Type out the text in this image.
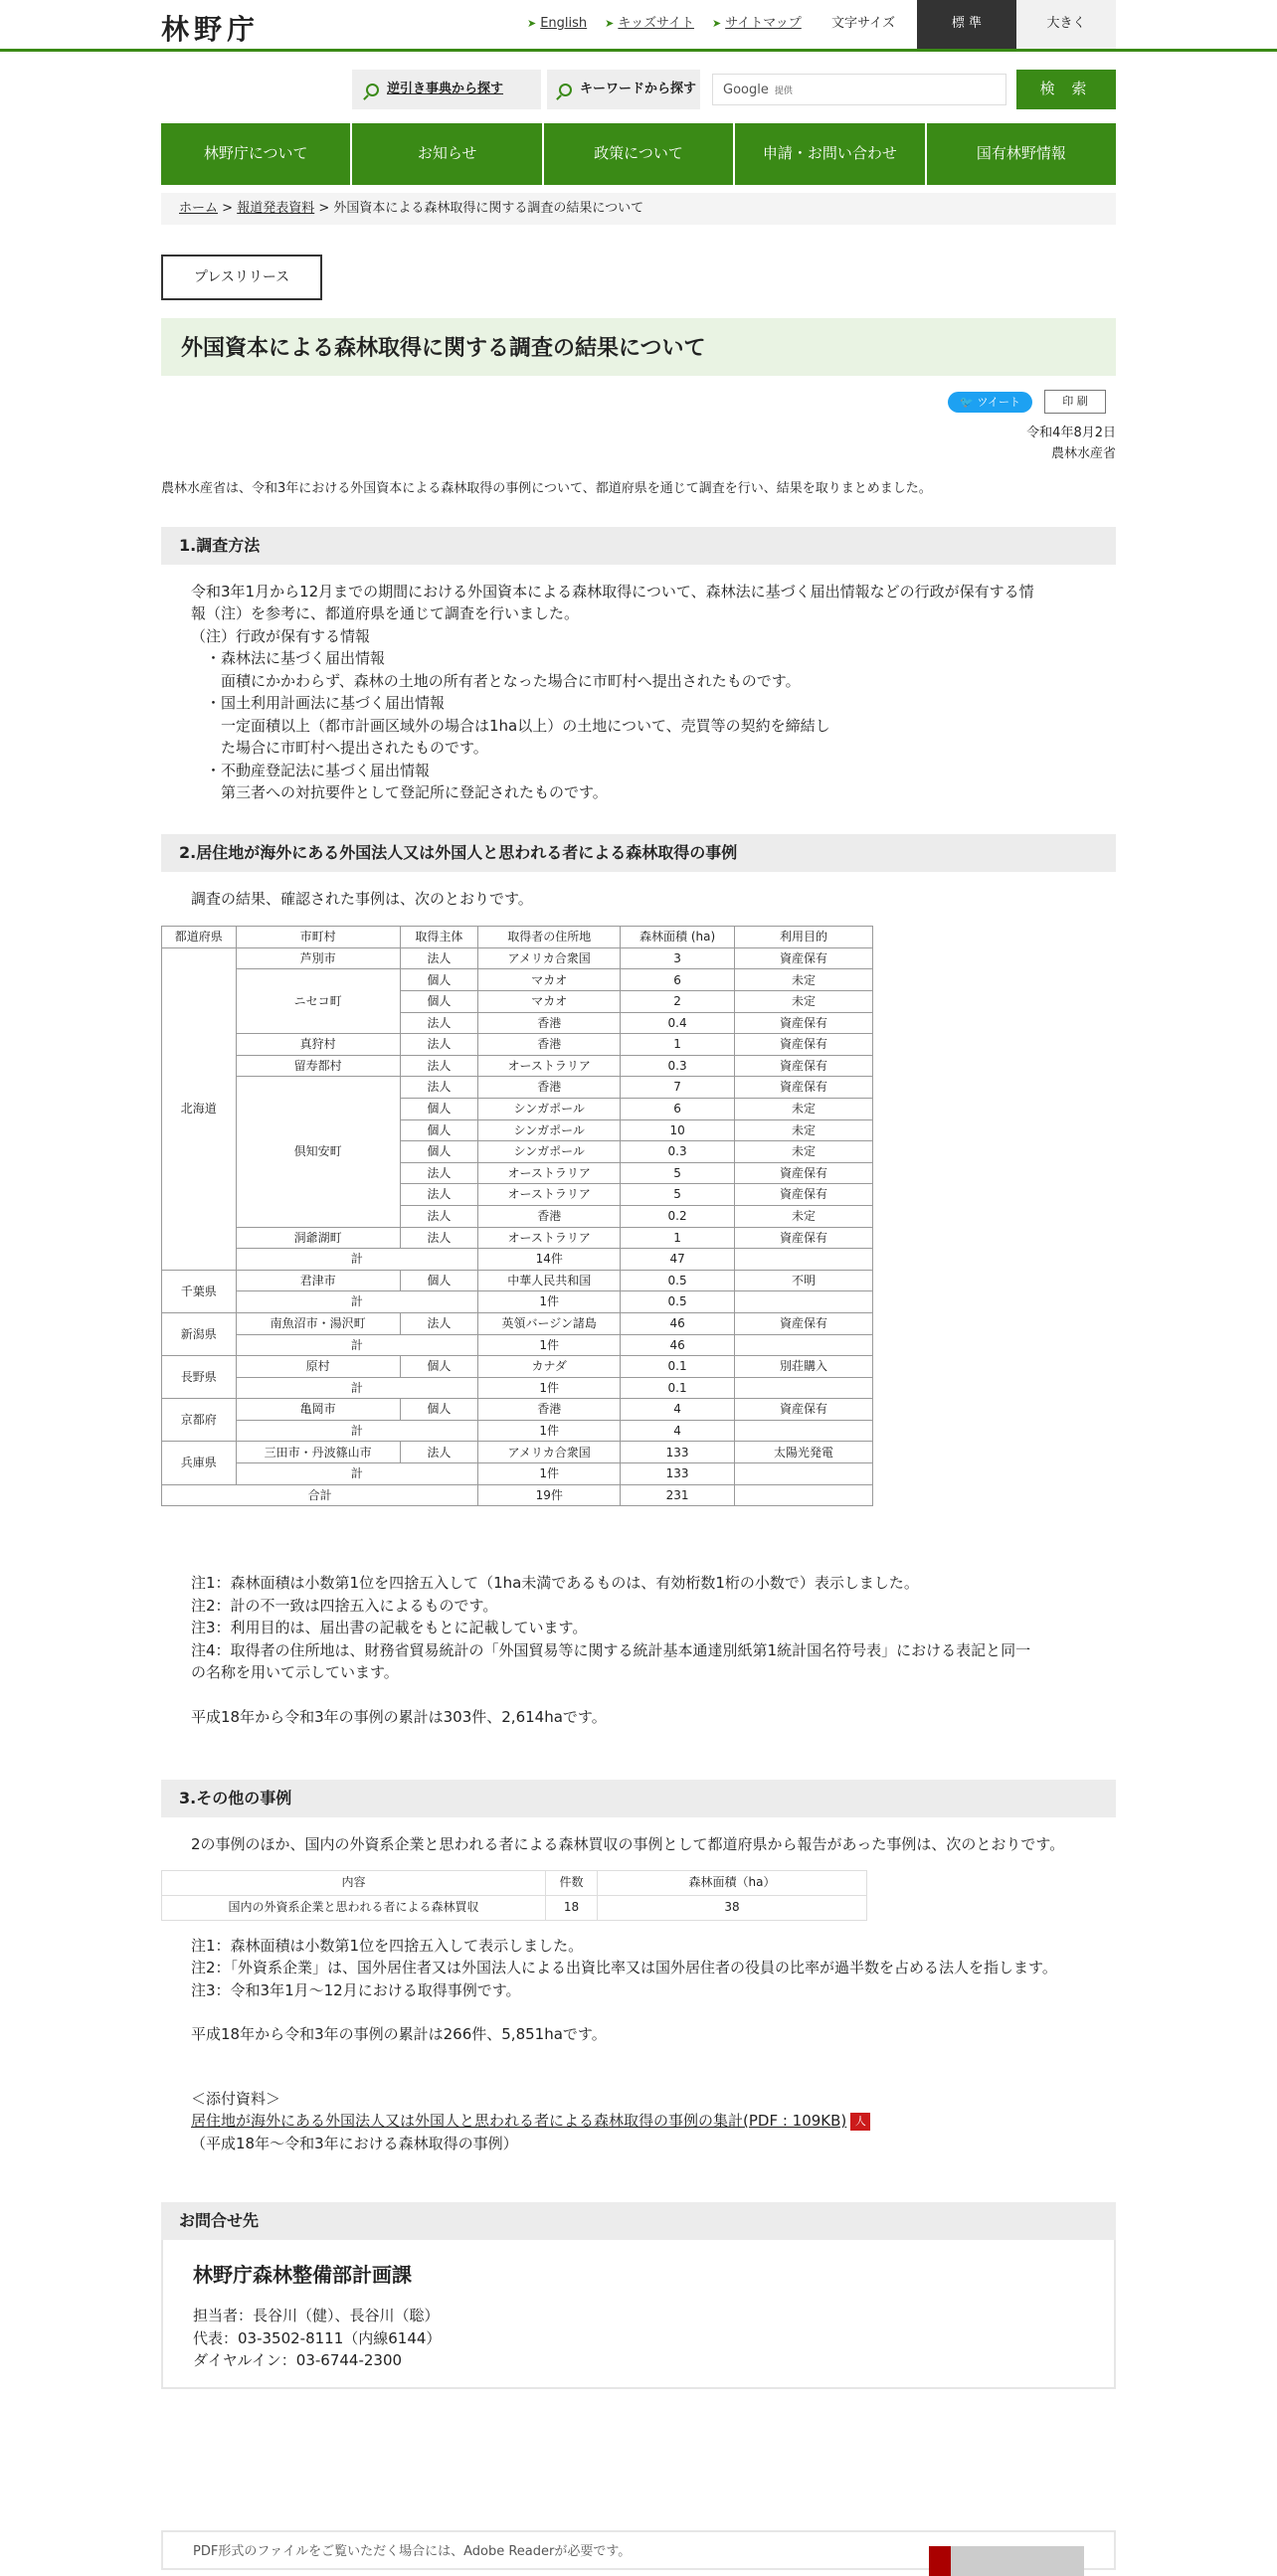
林野庁	➤ English ➤ キッズサイト ➤ サイトマップ 文字サイズ	標 準	大きく
逆引き事典から探す	キーワードから探す	Google 提供	検 索
林野庁について	お知らせ	政策について	申請・お問い合わせ	国有林野情報
ホーム > 報道発表資料 > 外国資本による森林取得に関する調査の結果について
プレスリリース
外国資本による森林取得に関する調査の結果について
🐦 ツイート	印 刷
令和4年8月2日
農林水産省

農林水産省は、令和3年における外国資本による森林取得の事例について、都道府県を通じて調査を行い、結果を取りまとめました。

1.調査方法
令和3年1月から12月までの期間における外国資本による森林取得について、森林法に基づく届出情報などの行政が保有する情
報（注）を参考に、都道府県を通じて調査を行いました。
（注）行政が保有する情報
　・森林法に基づく届出情報
　　面積にかかわらず、森林の土地の所有者となった場合に市町村へ提出されたものです。
　・国土利用計画法に基づく届出情報
　　一定面積以上（都市計画区域外の場合は1ha以上）の土地について、売買等の契約を締結し
　　た場合に市町村へ提出されたものです。
　・不動産登記法に基づく届出情報
　　第三者への対抗要件として登記所に登記されたものです。
2.居住地が海外にある外国法人又は外国人と思われる者による森林取得の事例
調査の結果、確認された事例は、次のとおりです。
都道府県	市町村	取得主体	取得者の住所地	森林面積 (ha)	利用目的
北海道	芦別市	法人	アメリカ合衆国	3	資産保有
	ニセコ町	個人	マカオ	6	未定
		個人	マカオ	2	未定
		法人	香港	0.4	資産保有
	真狩村	法人	香港	1	資産保有
	留寿都村	法人	オーストラリア	0.3	資産保有
	倶知安町	法人	香港	7	資産保有
		個人	シンガポール	6	未定
		個人	シンガポール	10	未定
		個人	シンガポール	0.3	未定
		法人	オーストラリア	5	資産保有
		法人	オーストラリア	5	資産保有
		法人	香港	0.2	未定
	洞爺湖町	法人	オーストラリア	1	資産保有
	計		14件	47	
千葉県	君津市	個人	中華人民共和国	0.5	不明
	計		1件	0.5	
新潟県	南魚沼市・湯沢町	法人	英領バージン諸島	46	資産保有
	計		1件	46	
長野県	原村	個人	カナダ	0.1	別荘購入
	計		1件	0.1	
京都府	亀岡市	個人	香港	4	資産保有
	計		1件	4	
兵庫県	三田市・丹波篠山市	法人	アメリカ合衆国	133	太陽光発電
	計		1件	133	
合計			19件	231	
注1：森林面積は小数第1位を四捨五入して（1ha未満であるものは、有効桁数1桁の小数で）表示しました。
注2：計の不一致は四捨五入によるものです。
注3：利用目的は、届出書の記載をもとに記載しています。
注4：取得者の住所地は、財務省貿易統計の「外国貿易等に関する統計基本通達別紙第1統計国名符号表」における表記と同一
の名称を用いて示しています。
平成18年から令和3年の事例の累計は303件、2,614haです。
3.その他の事例
2の事例のほか、国内の外資系企業と思われる者による森林買収の事例として都道府県から報告があった事例は、次のとおりです。
内容	件数	森林面積（ha）
国内の外資系企業と思われる者による森林買収	18	38
注1：森林面積は小数第1位を四捨五入して表示しました。
注2：「外資系企業」は、国外居住者又は外国法人による出資比率又は国外居住者の役員の比率が過半数を占める法人を指します。
注3：令和3年1月～12月における取得事例です。
平成18年から令和3年の事例の累計は266件、5,851haです。
＜添付資料＞
居住地が海外にある外国法人又は外国人と思われる者による森林取得の事例の集計(PDF : 109KB) 人
（平成18年～令和3年における森林取得の事例）
お問合せ先
林野庁森林整備部計画課

担当者：長谷川（健）、長谷川（聡）

代表：03-3502-8111（内線6144）

ダイヤルイン：03-6744-2300

PDF形式のファイルをご覧いただく場合には、Adobe Readerが必要です。
